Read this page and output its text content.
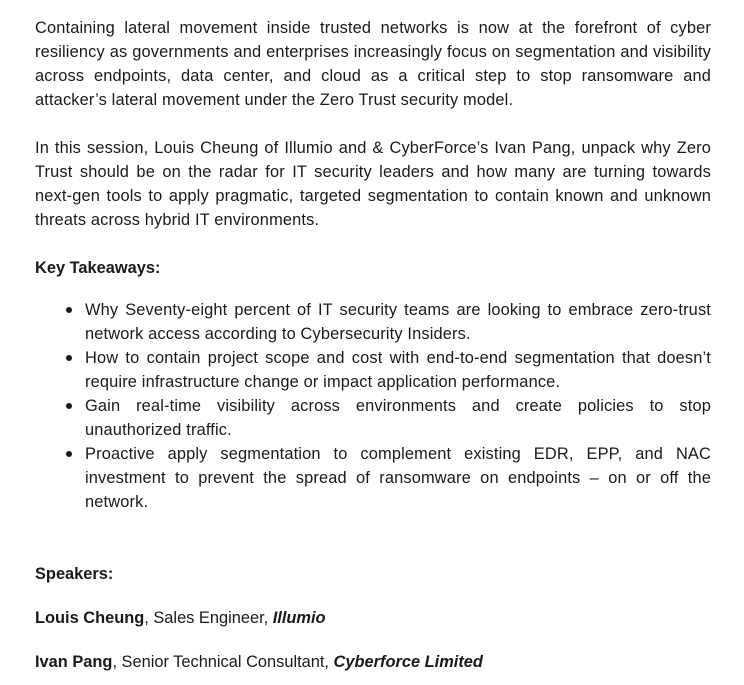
Containing lateral movement inside trusted networks is now at the forefront of cyber resiliency as governments and enterprises increasingly focus on segmentation and visibility across endpoints, data center, and cloud as a critical step to stop ransomware and attacker’s lateral movement under the Zero Trust security model.

In this session, Louis Cheung of Illumio and & CyberForce’s Ivan Pang, unpack why Zero Trust should be on the radar for IT security leaders and how many are turning towards next-gen tools to apply pragmatic, targeted segmentation to contain known and unknown threats across hybrid IT environments.

Key Takeaways:
Why Seventy-eight percent of IT security teams are looking to embrace zero-trust network access according to Cybersecurity Insiders.
How to contain project scope and cost with end-to-end segmentation that doesn’t require infrastructure change or impact application performance.
Gain real-time visibility across environments and create policies to stop unauthorized traffic.
Proactive apply segmentation to complement existing EDR, EPP, and NAC investment to prevent the spread of ransomware on endpoints – on or off the network.
Speakers:
Louis Cheung, Sales Engineer, Illumio
Ivan Pang, Senior Technical Consultant, Cyberforce Limited
